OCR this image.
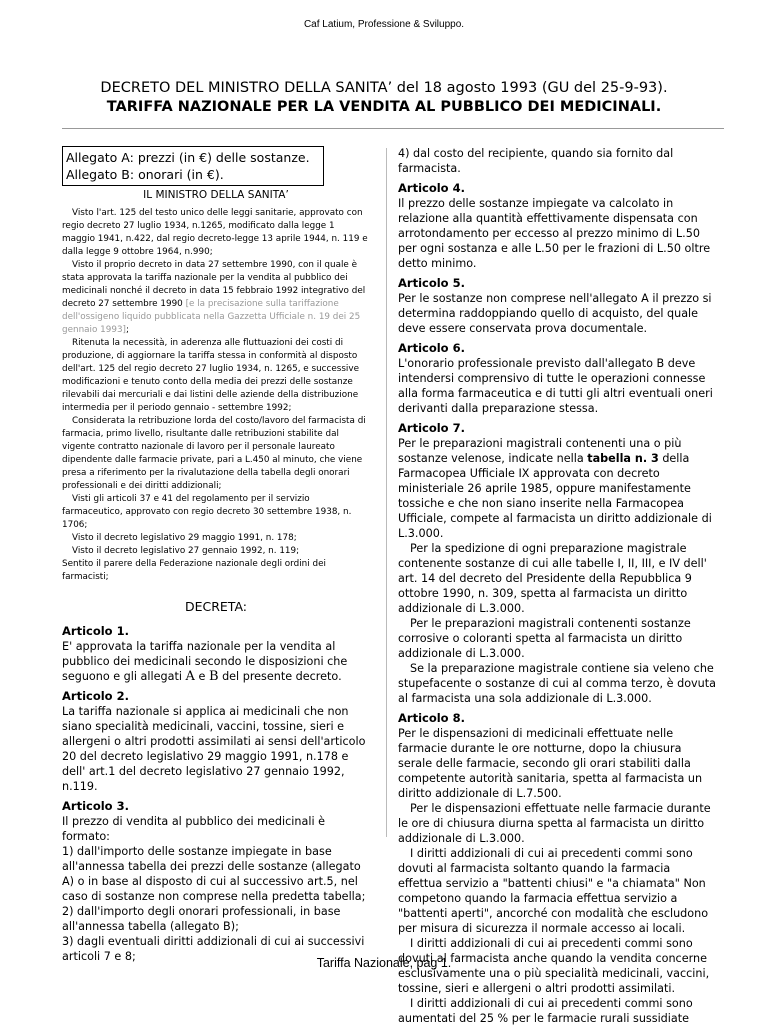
Caf Latium, Professione & Sviluppo.
DECRETO DEL MINISTRO DELLA SANITA’ del 18 agosto 1993 (GU del 25-9-93).
TARIFFA NAZIONALE PER LA VENDITA AL PUBBLICO DEI MEDICINALI.
Allegato A: prezzi (in €) delle sostanze.
Allegato B: onorari (in €).
IL MINISTRO DELLA SANITA’

Visto l'art. 125 del testo unico delle leggi sanitarie, approvato con regio decreto 27 luglio 1934, n.1265, modificato dalla legge 1 maggio 1941, n.422, dal regio decreto-legge 13 aprile 1944, n. 119 e dalla legge 9 ottobre 1964, n.990;

Visto il proprio decreto in data 27 settembre 1990, con il quale è stata approvata la tariffa nazionale per la vendita al pubblico dei medicinali nonché il decreto in data 15 febbraio 1992 integrativo del decreto 27 settembre 1990 [e la precisazione sulla tariffazione dell'ossigeno liquido pubblicata nella Gazzetta Ufficiale n. 19 dei 25 gennaio 1993];

Ritenuta la necessità, in aderenza alle fluttuazioni dei costi di produzione, di aggiornare la tariffa stessa in conformità al disposto dell'art. 125 del regio decreto 27 luglio 1934, n. 1265, e successive modificazioni e tenuto conto della media dei prezzi delle sostanze rilevabili dai mercuriali e dai listini delle aziende della distribuzione intermedia per il periodo gennaio - settembre 1992;

Considerata la retribuzione lorda del costo/lavoro del farmacista di farmacia, primo livello, risultante dalle retribuzioni stabilite dal vigente contratto nazionale di lavoro per il personale laureato dipendente dalle farmacie private, pari a L.450 al minuto, che viene presa a riferimento per la rivalutazione della tabella degli onorari professionali e dei diritti addizionali;

Visti gli articoli 37 e 41 del regolamento per il servizio farmaceutico, approvato con regio decreto 30 settembre 1938, n. 1706;

Visto il decreto legislativo 29 maggio 1991, n. 178;

Visto il decreto legislativo 27 gennaio 1992, n. 119;

Sentito il parere della Federazione nazionale degli ordini dei farmacisti;

DECRETA:
Articolo 1.

E' approvata la tariffa nazionale per la vendita al pubblico dei medicinali secondo le disposizioni che seguono e gli allegati A e B del presente decreto.

Articolo 2.

La tariffa nazionale si applica ai medicinali che non siano specialità medicinali, vaccini, tossine, sieri e allergeni o altri prodotti assimilati ai sensi dell'articolo 20 del decreto legislativo 29 maggio 1991, n.178 e dell' art.1 del decreto legislativo 27 gennaio 1992, n.119.

Articolo 3.

Il prezzo di vendita al pubblico dei medicinali è formato:

1) dall'importo delle sostanze impiegate in base all'annessa tabella dei prezzi delle sostanze (allegato A) o in base al disposto di cui al successivo art.5, nel caso di sostanze non comprese nella predetta tabella;

2) dall'importo degli onorari professionali, in base all'annessa tabella (allegato B);

3) dagli eventuali diritti addizionali di cui ai successivi articoli 7 e 8;

4) dal costo del recipiente, quando sia fornito dal farmacista.

Articolo 4.

Il prezzo delle sostanze impiegate va calcolato in relazione alla quantità effettivamente dispensata con arrotondamento per eccesso al prezzo minimo di L.50 per ogni sostanza e alle L.50 per le frazioni di L.50 oltre detto minimo.

Articolo 5.

Per le sostanze non comprese nell'allegato A il prezzo si determina raddoppiando quello di acquisto, del quale deve essere conservata prova documentale.

Articolo 6.

L'onorario professionale previsto dall'allegato B deve intendersi comprensivo di tutte le operazioni connesse alla forma farmaceutica e di tutti gli altri eventuali oneri derivanti dalla preparazione stessa.

Articolo 7.

Per le preparazioni magistrali contenenti una o più sostanze velenose, indicate nella tabella n. 3 della Farmacopea Ufficiale IX approvata con decreto ministeriale 26 aprile 1985, oppure manifestamente tossiche e che non siano inserite nella Farmacopea Ufficiale, compete al farmacista un diritto addizionale di L.3.000.

Per la spedizione di ogni preparazione magistrale contenente sostanze di cui alle tabelle I, II, III, e IV dell' art. 14 del decreto del Presidente della Repubblica 9 ottobre 1990, n. 309, spetta al farmacista un diritto addizionale di L.3.000.

Per le preparazioni magistrali contenenti sostanze corrosive o coloranti spetta al farmacista un diritto addizionale di L.3.000.

Se la preparazione magistrale contiene sia veleno che stupefacente o sostanze di cui al comma terzo, è dovuta al farmacista una sola addizionale di L.3.000.

Articolo 8.

Per le dispensazioni di medicinali effettuate nelle farmacie durante le ore notturne, dopo la chiusura serale delle farmacie, secondo gli orari stabiliti dalla competente autorità sanitaria, spetta al farmacista un diritto addizionale di L.7.500.

Per le dispensazioni effettuate nelle farmacie durante le ore di chiusura diurna spetta al farmacista un diritto addizionale di L.3.000.

I diritti addizionali di cui ai precedenti commi sono dovuti al farmacista soltanto quando la farmacia effettua servizio a "battenti chiusi" e "a chiamata" Non competono quando la farmacia effettua servizio a "battenti aperti", ancorché con modalità che escludono per misura di sicurezza il normale accesso ai locali.

I diritti addizionali di cui ai precedenti commi sono dovuti al farmacista anche quando la vendita concerne esclusivamente una o più specialità medicinali, vaccini, tossine, sieri e allergeni o altri prodotti assimilati.

I diritti addizionali di cui ai precedenti commi sono aumentati del 25 % per le farmacie rurali sussidiate

Tariffa Nazionale, pag 1.
